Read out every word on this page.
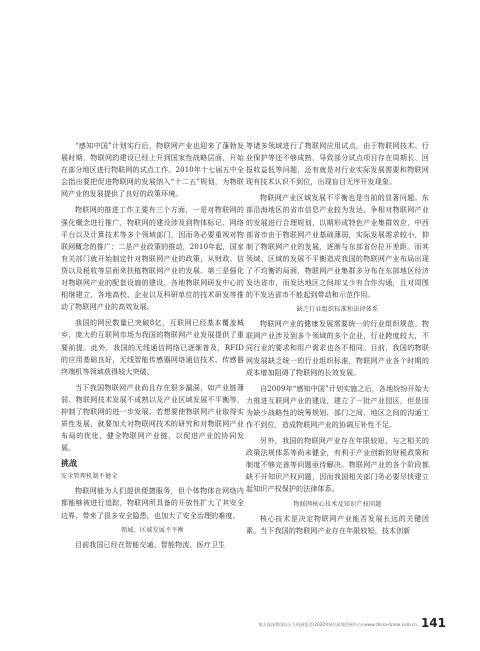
“感知中国”计划实行后，物联网产业也迎来了蓬勃发展时期，物联网的建设已经上升到国家性战略层面，开始在部分地区进行物联网的试点工作。2010年十七届五中全会指出要把促进物联网的发展纳入“十二五”规划，为物联网产业的发展提供了良好的政策环境。

物联网的推进工作主要有三个方面，一是对物联网的强化概念进行推广，物联网的建设涉及到物体标记、网络平台以及计算技术等多个领域部门，因而务必要重视对物联网概念的推广；二是产业政策的推动，2010年起，国家有关部门就开始制定针对物联网产业的政策，从财政、信贷以及税收等层面来扶植物联网产业的发展。第三是强化对物联网产业的配套设施的建设，各地物联网研发中心的相继建立，各地高校、企业以及科研单位的技术研发等推动了物联网产业的高效发展。

我国的网民数量已突破8亿，互联网已经基本覆盖城乡，庞大的互联网市场为我国的物联网产业发展提供了重要前提。此外，我国的无线通信网络已逐渐普及，RFID的应用基础良好，无线智能传感器网络通信技术、传感器终端机等领域获得较大突破。

当下我国物联网产业尚且存在很多漏洞，如产业链薄弱、物联网技术发展不成熟以及产业区域发展不平衡等，抑制了物联网的进一步发展。若想要使物联网产业取得实质性发展，就要加大对物联网技术的研究和对物联网产业布局的优化，健全物联网产业链，以促进产业的协同发展。

挑战
安全管理机制不健全

物联网能为人们提供便捷服务，但个体物体在网络内都能够被进行追踪，物联网所具备的开放性扩大了其安全边界，带来了很多安全隐患，也加大了安全治理的难度。

领域、区域发展不平衡

目前我国已经在智能交通、智能物流、医疗卫生

等诸多领域进行了物联网应用试点，由于物联网技术、行业保护等还不够成熟，导致部分试点项目存在周期长、回报收益低等问题，还有就是对行业实际发展需要和物联网现有技术认识不到位，出现盲目无序开发现象。

物联网产业区域发展不平衡也是当前的显著问题。东部沿海地区的省市信息产业较为发达，争相对物联网产业的发展进行合理规划，以期形成特色产业集群效应，中西部省市由于物联网产业基础薄弱，实际发展需求较小，抑制了物联网产业的发展，逐渐与东部省份拉开差距。而其领域、区域的发展不平衡造成我国的物联网产业布局出现了不均衡的局面，物联网产业集群多分布在东部地区经济发达省市，而发达地区之间却又少有合作沟通，且对周围的不发达省市不能起到带动和示范作用。

缺乏行业组织标准和法律体系

物联网产业的健康发展需要统一的行业组织规范。物联网产业涉及到多个领域的多个企业，行业跨度较大，不同行业的要求和用户需求也各不相同。目前，我国的物联网发展缺乏统一的行业组织标准，物联网产业各个时期的成本增加阻碍了物联网的长效发展。

自2009年“感知中国”计划实施之后，各地纷纷开始大力推进互联网产业的建设，建立了一批产业园区，但是因为缺少战略性的统筹规划，部门之间、地区之间的沟通工作不到位，造成物联网产业的协调互补性不足。

另外，我国的物联网产业存在年限较短，与之相关的政策法规体系等尚未健全，有利于产业创新的财税政策和制度不够完善等问题亟待解决。物联网产业的各个阶段都缺不开知识产权问题，因而我国相关部门务必要尽快建立起知识产权保护的法律体系。

物联网核心技术及知识产权问题

核心技术是决定物联网产业能否发展长远的关键因素。当下我国的物联网产业存在年限较短，技术创新

第五届深圳国际无人机展览会(2020年8月深圳会展中心) www.china-drone.com.cn 141
